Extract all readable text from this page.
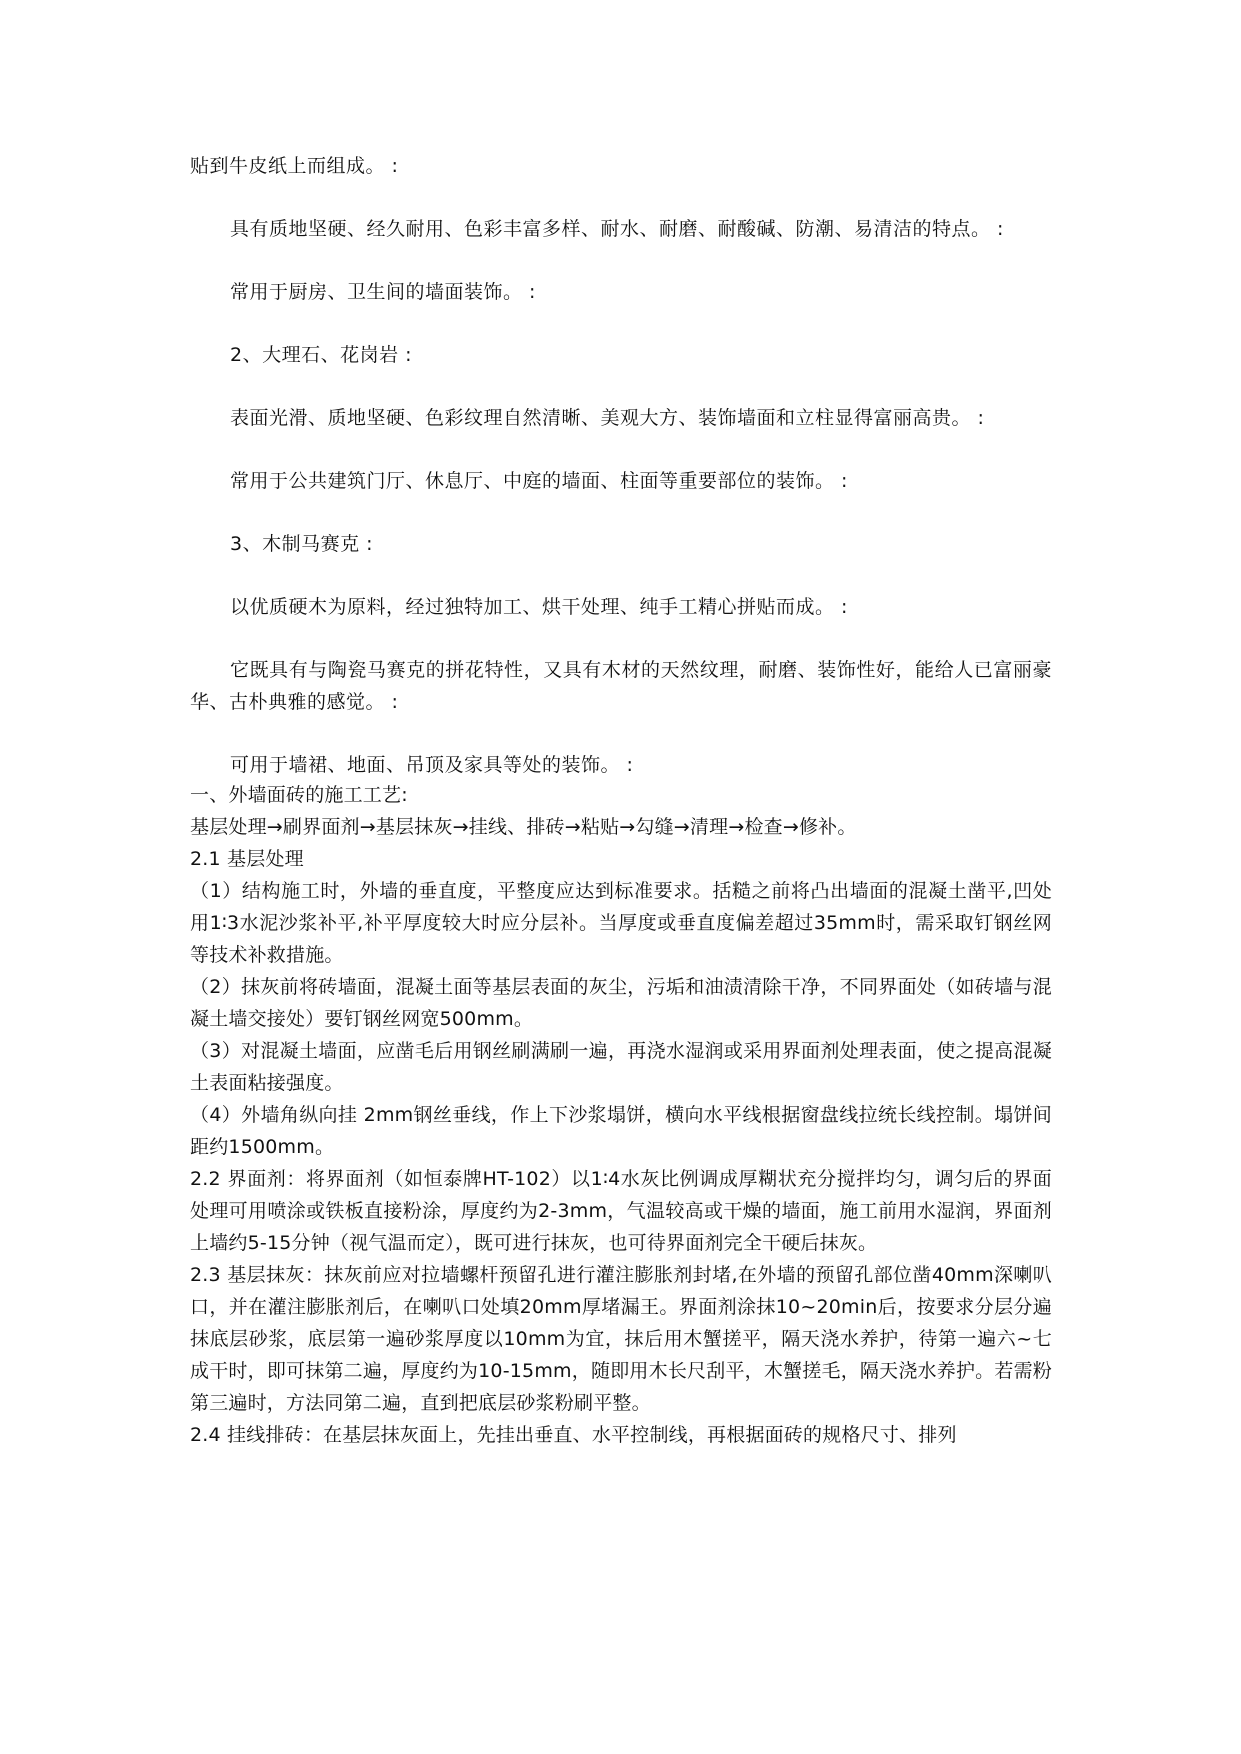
贴到牛皮纸上而组成。 :

具有质地坚硬、经久耐用、色彩丰富多样、耐水、耐磨、耐酸碱、防潮、易清洁的特点。 :

常用于厨房、卫生间的墙面装饰。 :

2、大理石、花岗岩 :

表面光滑、质地坚硬、色彩纹理自然清晰、美观大方、装饰墙面和立柱显得富丽高贵。 :

常用于公共建筑门厅、休息厅、中庭的墙面、柱面等重要部位的装饰。 :

3、木制马赛克 :

以优质硬木为原料，经过独特加工、烘干处理、纯手工精心拼贴而成。 :

它既具有与陶瓷马赛克的拼花特性，又具有木材的天然纹理，耐磨、装饰性好，能给人已富丽豪华、古朴典雅的感觉。 :

可用于墙裙、地面、吊顶及家具等处的装饰。 :

一、外墙面砖的施工工艺:

基层处理→刷界面剂→基层抹灰→挂线、排砖→粘贴→勾缝→清理→检查→修补。

2.1 基层处理

（1）结构施工时，外墙的垂直度，平整度应达到标准要求。括糙之前将凸出墙面的混凝土凿平,凹处用1∶3水泥沙浆补平,补平厚度较大时应分层补。当厚度或垂直度偏差超过35mm时，需采取钉钢丝网等技术补救措施。

（2）抹灰前将砖墙面，混凝土面等基层表面的灰尘，污垢和油渍清除干净，不同界面处（如砖墙与混凝土墙交接处）要钉钢丝网宽500mm。

（3）对混凝土墙面，应凿毛后用钢丝刷满刷一遍，再浇水湿润或采用界面剂处理表面，使之提高混凝土表面粘接强度。

（4）外墙角纵向挂 2mm钢丝垂线，作上下沙浆塌饼，横向水平线根据窗盘线拉统长线控制。塌饼间距约1500mm。

2.2 界面剂：将界面剂（如恒泰牌HT-102）以1∶4水灰比例调成厚糊状充分搅拌均匀，调匀后的界面处理可用喷涂或铁板直接粉涂，厚度约为2-3mm，气温较高或干燥的墙面，施工前用水湿润，界面剂上墙约5-15分钟（视气温而定），既可进行抹灰，也可待界面剂完全干硬后抹灰。

2.3 基层抹灰：抹灰前应对拉墙螺杆预留孔进行灌注膨胀剂封堵,在外墙的预留孔部位凿40mm深喇叭口，并在灌注膨胀剂后，在喇叭口处填20mm厚堵漏王。界面剂涂抹10~20min后，按要求分层分遍抹底层砂浆，底层第一遍砂浆厚度以10mm为宜，抹后用木蟹搓平，隔天浇水养护，待第一遍六~七成干时，即可抹第二遍，厚度约为10-15mm，随即用木长尺刮平，木蟹搓毛，隔天浇水养护。若需粉第三遍时，方法同第二遍，直到把底层砂浆粉刷平整。

2.4 挂线排砖：在基层抹灰面上，先挂出垂直、水平控制线，再根据面砖的规格尺寸、排列
